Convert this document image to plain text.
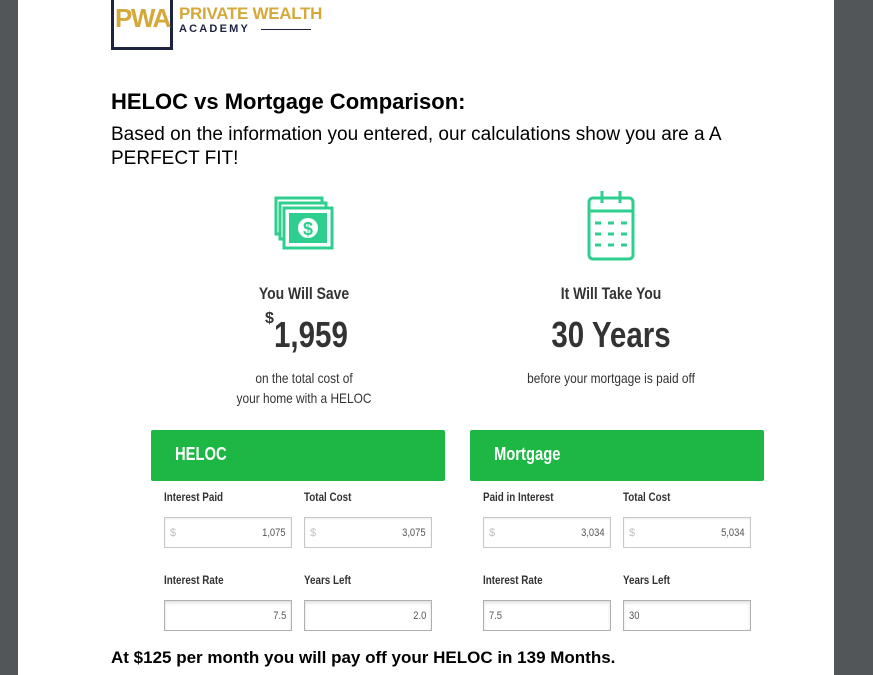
PWA PRIVATE WEALTH
ACADEMY
HELOC vs Mortgage Comparison:
Based on the information you entered, our calculations show you are a A PERFECT FIT!
$
You Will Save
$ 1,959
on the total cost of
your home with a HELOC
It Will Take You
30 Years
before your mortgage is paid off
HELOC	Mortgage
Interest Paid
$	1,075
Total Cost
$	3,075
Interest Rate
7.5
Years Left
2.0
Paid in Interest
$	3,034
Total Cost
$	5,034
Interest Rate
7.5
Years Left
30
At $125 per month you will pay off your HELOC in 139 Months.
